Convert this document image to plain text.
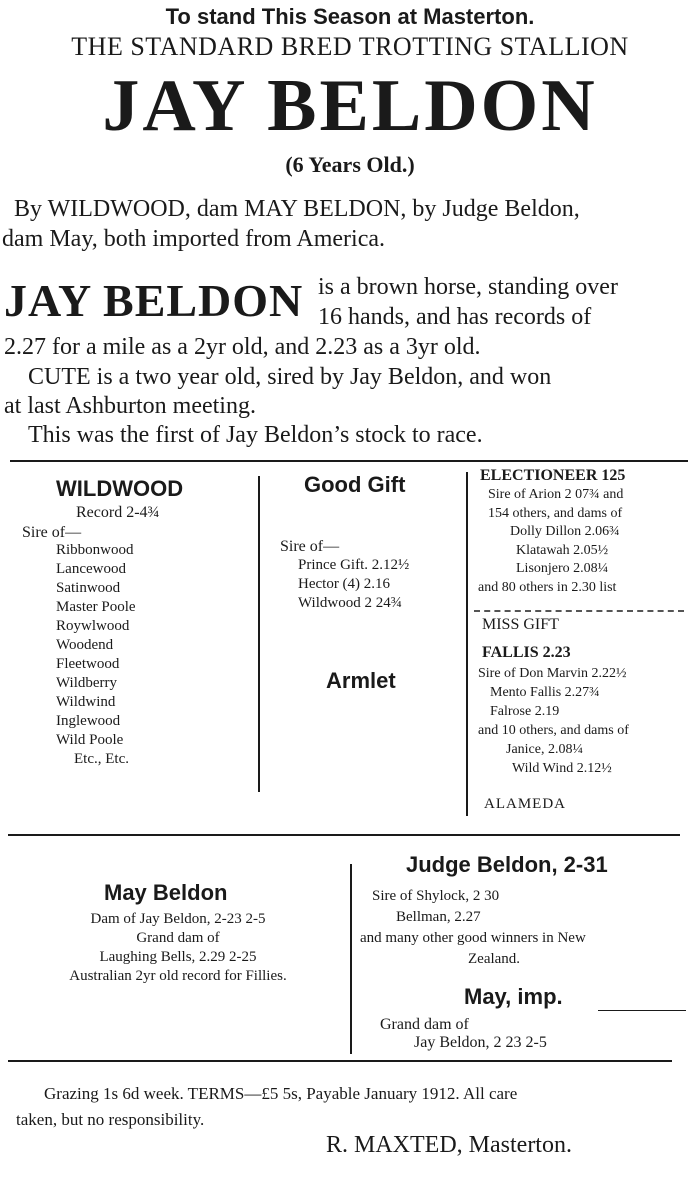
To stand This Season at Masterton.
THE STANDARD BRED TROTTING STALLION
JAY BELDON
(6 Years Old.)
By WILDWOOD, dam MAY BELDON, by Judge Beldon,
dam May, both imported from America.
JAY BELDON is a brown horse, standing over
16 hands, and has records of
2.27 for a mile as a 2yr old, and 2.23 as a 3yr old.
CUTE is a two year old, sired by Jay Beldon, and won
at last Ashburton meeting.
This was the first of Jay Beldon’s stock to race.
WILDWOOD
Record 2-4¾
Sire of—
Ribbonwood
Lancewood
Satinwood
Master Poole
Roywlwood
Woodend
Fleetwood
Wildberry
Wildwind
Inglewood
Wild Poole
Etc., Etc.
Good Gift
Sire of—
Prince Gift. 2.12½
Hector (4) 2.16
Wildwood 2 24¾
Armlet
ELECTIONEER 125
Sire of Arion 2 07¾ and
154 others, and dams of
Dolly Dillon 2.06¾
Klatawah 2.05½
Lisonjero 2.08¼
and 80 others in 2.30 list
MISS GIFT
FALLIS 2.23
Sire of Don Marvin 2.22½
Mento Fallis 2.27¾
Falrose 2.19
and 10 others, and dams of
Janice, 2.08¼
Wild Wind 2.12½
ALAMEDA
May Beldon
Dam of Jay Beldon, 2-23 2-5
Grand dam of
Laughing Bells, 2.29 2-25
Australian 2yr old record for Fillies.
Judge Beldon, 2-31
Sire of Shylock, 2 30
Bellman, 2.27
and many other good winners in New
Zealand.
May, imp.
Grand dam of
Jay Beldon, 2 23 2-5
Grazing 1s 6d week. TERMS—£5 5s, Payable January 1912. All care
taken, but no responsibility.
R. MAXTED, Masterton.
